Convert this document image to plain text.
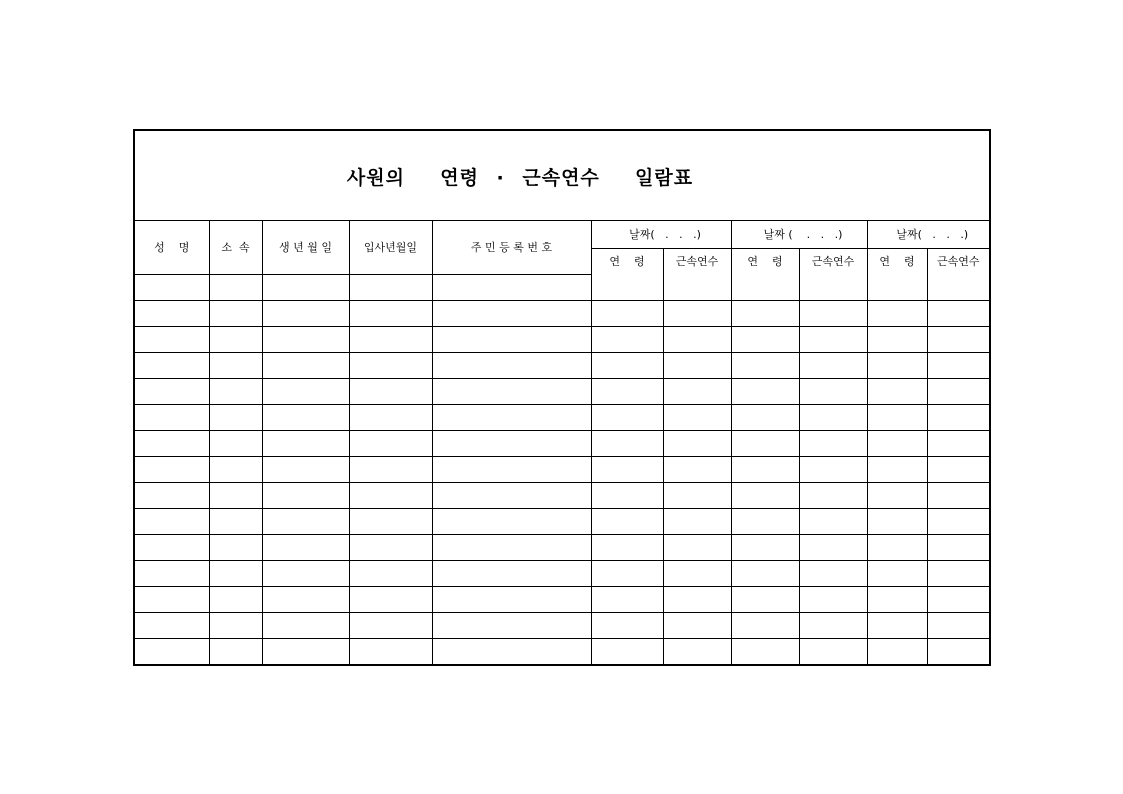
사원의  연령 · 근속연수  일람표
성    명	소  속	생 년 월 일	입사년월일	주 민 등 록 번 호	날짜(   .   .   .)		날짜 (    .   .   .)		날짜(   .   .   .)	
					연    령	근속연수	연    령	근속연수	연    령	근속연수
